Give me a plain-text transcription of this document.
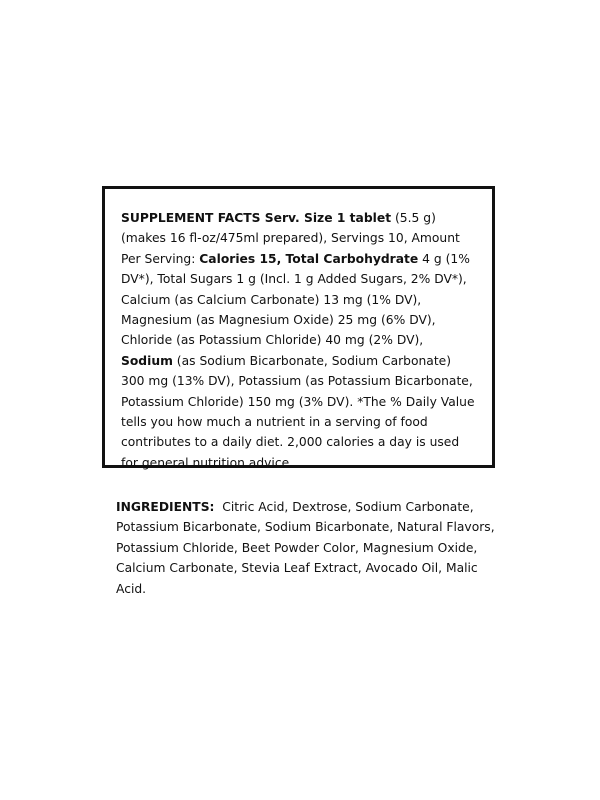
SUPPLEMENT FACTS Serv. Size 1 tablet (5.5 g) (makes 16 fl-oz/475ml prepared), Servings 10, Amount Per Serving: Calories 15, Total Carbohydrate 4 g (1% DV*), Total Sugars 1 g (Incl. 1 g Added Sugars, 2% DV*), Calcium (as Calcium Carbonate) 13 mg (1% DV), Magnesium (as Magnesium Oxide) 25 mg (6% DV), Chloride (as Potassium Chloride) 40 mg (2% DV), Sodium (as Sodium Bicarbonate, Sodium Carbonate) 300 mg (13% DV), Potassium (as Potassium Bicarbonate, Potassium Chloride) 150 mg (3% DV). *The % Daily Value tells you how much a nutrient in a serving of food contributes to a daily diet. 2,000 calories a day is used for general nutrition advice.

INGREDIENTS:  Citric Acid, Dextrose, Sodium Carbonate, Potassium Bicarbonate, Sodium Bicarbonate, Natural Flavors, Potassium Chloride, Beet Powder Color, Magnesium Oxide, Calcium Carbonate, Stevia Leaf Extract, Avocado Oil, Malic Acid.
